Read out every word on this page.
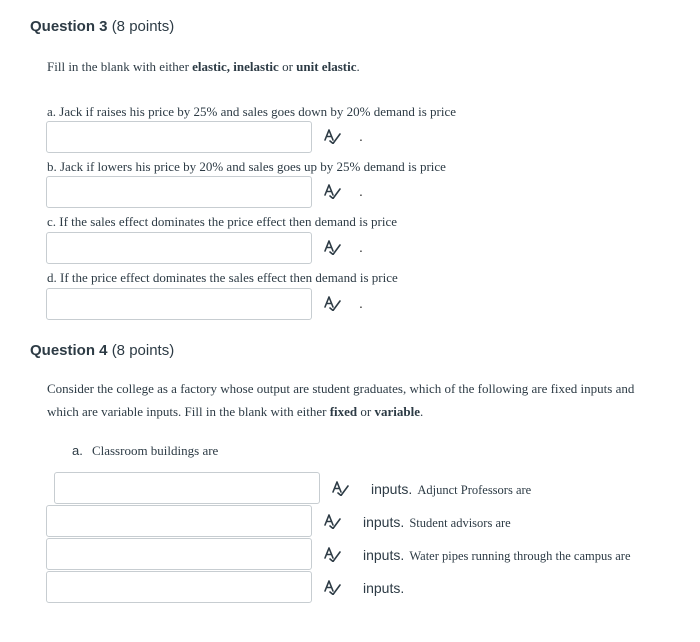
Question 3 (8 points)
Fill in the blank with either elastic, inelastic or unit elastic.
a. Jack if raises his price by 25% and sales goes down by 20% demand is price
.
b. Jack if lowers his price by 20% and sales goes up by 25% demand is price
.
c. If the sales effect dominates the price effect then demand is price
.
d. If the price effect dominates the sales effect then demand is price
.
Question 4 (8 points)
Consider the college as a factory whose output are student graduates, which of the following are fixed inputs and
which are variable inputs. Fill in the blank with either fixed or variable.
a. Classroom buildings are
inputs. Adjunct Professors are
inputs. Student advisors are
inputs. Water pipes running through the campus are
inputs.
